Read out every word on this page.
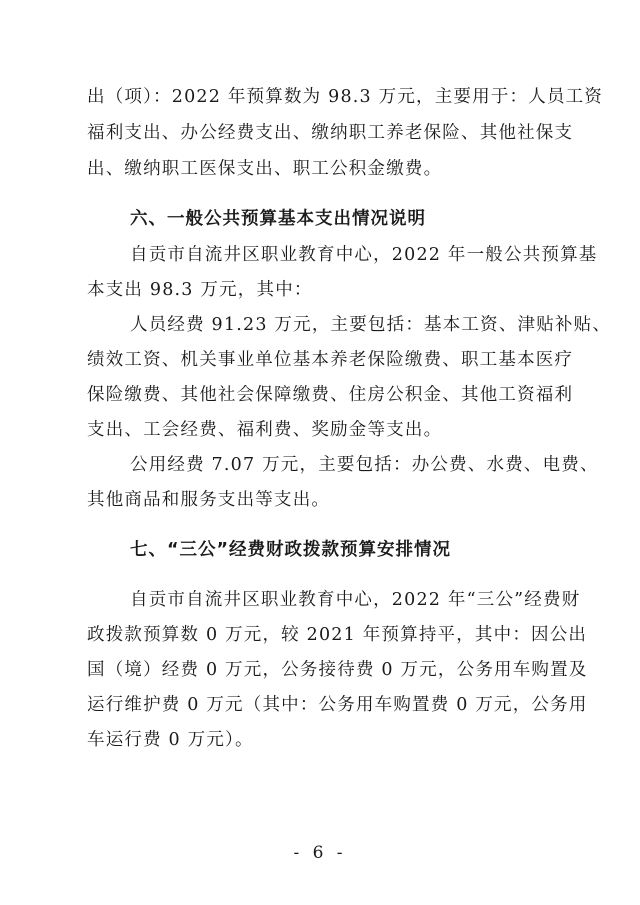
出（项）：2022 年预算数为 98.3 万元，主要用于：人员工资
福利支出、办公经费支出、缴纳职工养老保险、其他社保支
出、缴纳职工医保支出、职工公积金缴费。
六、一般公共预算基本支出情况说明
自贡市自流井区职业教育中心，2022 年一般公共预算基
本支出 98.3 万元，其中：
人员经费 91.23 万元，主要包括：基本工资、津贴补贴、
绩效工资、机关事业单位基本养老保险缴费、职工基本医疗
保险缴费、其他社会保障缴费、住房公积金、其他工资福利
支出、工会经费、福利费、奖励金等支出。
公用经费 7.07 万元，主要包括：办公费、水费、电费、
其他商品和服务支出等支出。
七、“三公”经费财政拨款预算安排情况
自贡市自流井区职业教育中心，2022 年“三公”经费财
政拨款预算数 0 万元，较 2021 年预算持平，其中：因公出
国（境）经费 0 万元，公务接待费 0 万元，公务用车购置及
运行维护费 0 万元（其中：公务用车购置费 0 万元，公务用
车运行费 0 万元）。
- 6 -
